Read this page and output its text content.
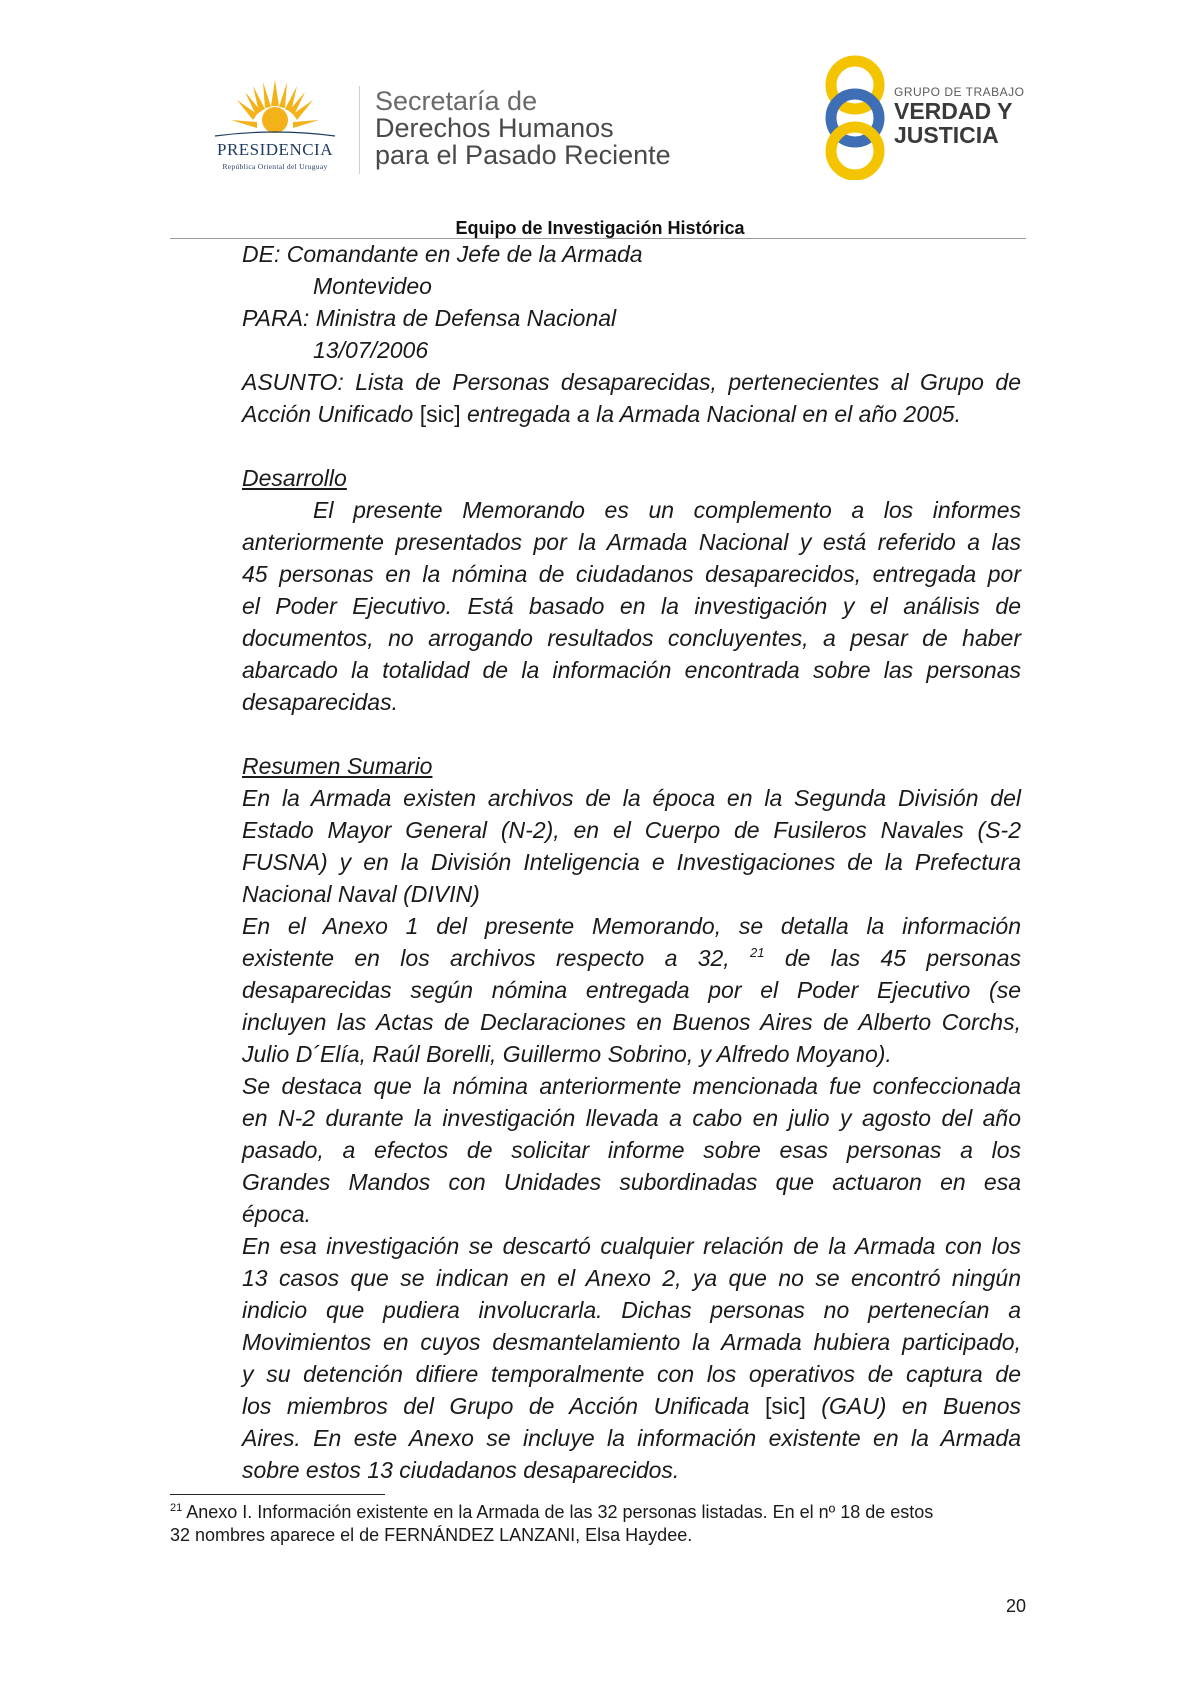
PRESIDENCIA
República Oriental del Uruguay
Secretaría de
Derechos Humanos
para el Pasado Reciente
GRUPO DE TRABAJO
VERDAD Y
JUSTICIA
Equipo de Investigación Histórica
DE: Comandante en Jefe de la Armada
Montevideo
PARA: Ministra de Defensa Nacional
13/07/2006
ASUNTO: Lista de Personas desaparecidas, pertenecientes al Grupo de
Acción Unificado [sic] entregada a la Armada Nacional en el año 2005.
Desarrollo
El presente Memorando es un complemento a los informes
anteriormente presentados por la Armada Nacional y está referido a las
45 personas en la nómina de ciudadanos desaparecidos, entregada por
el Poder Ejecutivo. Está basado en la investigación y el análisis de
documentos, no arrogando resultados concluyentes, a pesar de haber
abarcado la totalidad de la información encontrada sobre las personas
desaparecidas.
Resumen Sumario
En la Armada existen archivos de la época en la Segunda División del
Estado Mayor General (N-2), en el Cuerpo de Fusileros Navales (S-2
FUSNA) y en la División Inteligencia e Investigaciones de la Prefectura
Nacional Naval (DIVIN)
En el Anexo 1 del presente Memorando, se detalla la información
existente en los archivos respecto a 32, $^{21}$ de las 45 personas
desaparecidas según nómina entregada por el Poder Ejecutivo (se
incluyen las Actas de Declaraciones en Buenos Aires de Alberto Corchs,
Julio D´Elía, Raúl Borelli, Guillermo Sobrino, y Alfredo Moyano).
Se destaca que la nómina anteriormente mencionada fue confeccionada
en N-2 durante la investigación llevada a cabo en julio y agosto del año
pasado, a efectos de solicitar informe sobre esas personas a los
Grandes Mandos con Unidades subordinadas que actuaron en esa
época.
En esa investigación se descartó cualquier relación de la Armada con los
13 casos que se indican en el Anexo 2, ya que no se encontró ningún
indicio que pudiera involucrarla. Dichas personas no pertenecían a
Movimientos en cuyos desmantelamiento la Armada hubiera participado,
y su detención difiere temporalmente con los operativos de captura de
los miembros del Grupo de Acción Unificada [sic] (GAU) en Buenos
Aires. En este Anexo se incluye la información existente en la Armada
sobre estos 13 ciudadanos desaparecidos.
$^{21}$ Anexo I. Información existente en la Armada de las 32 personas listadas. En el nº 18 de estos
32 nombres aparece el de FERNÁNDEZ LANZANI, Elsa Haydee.
20
